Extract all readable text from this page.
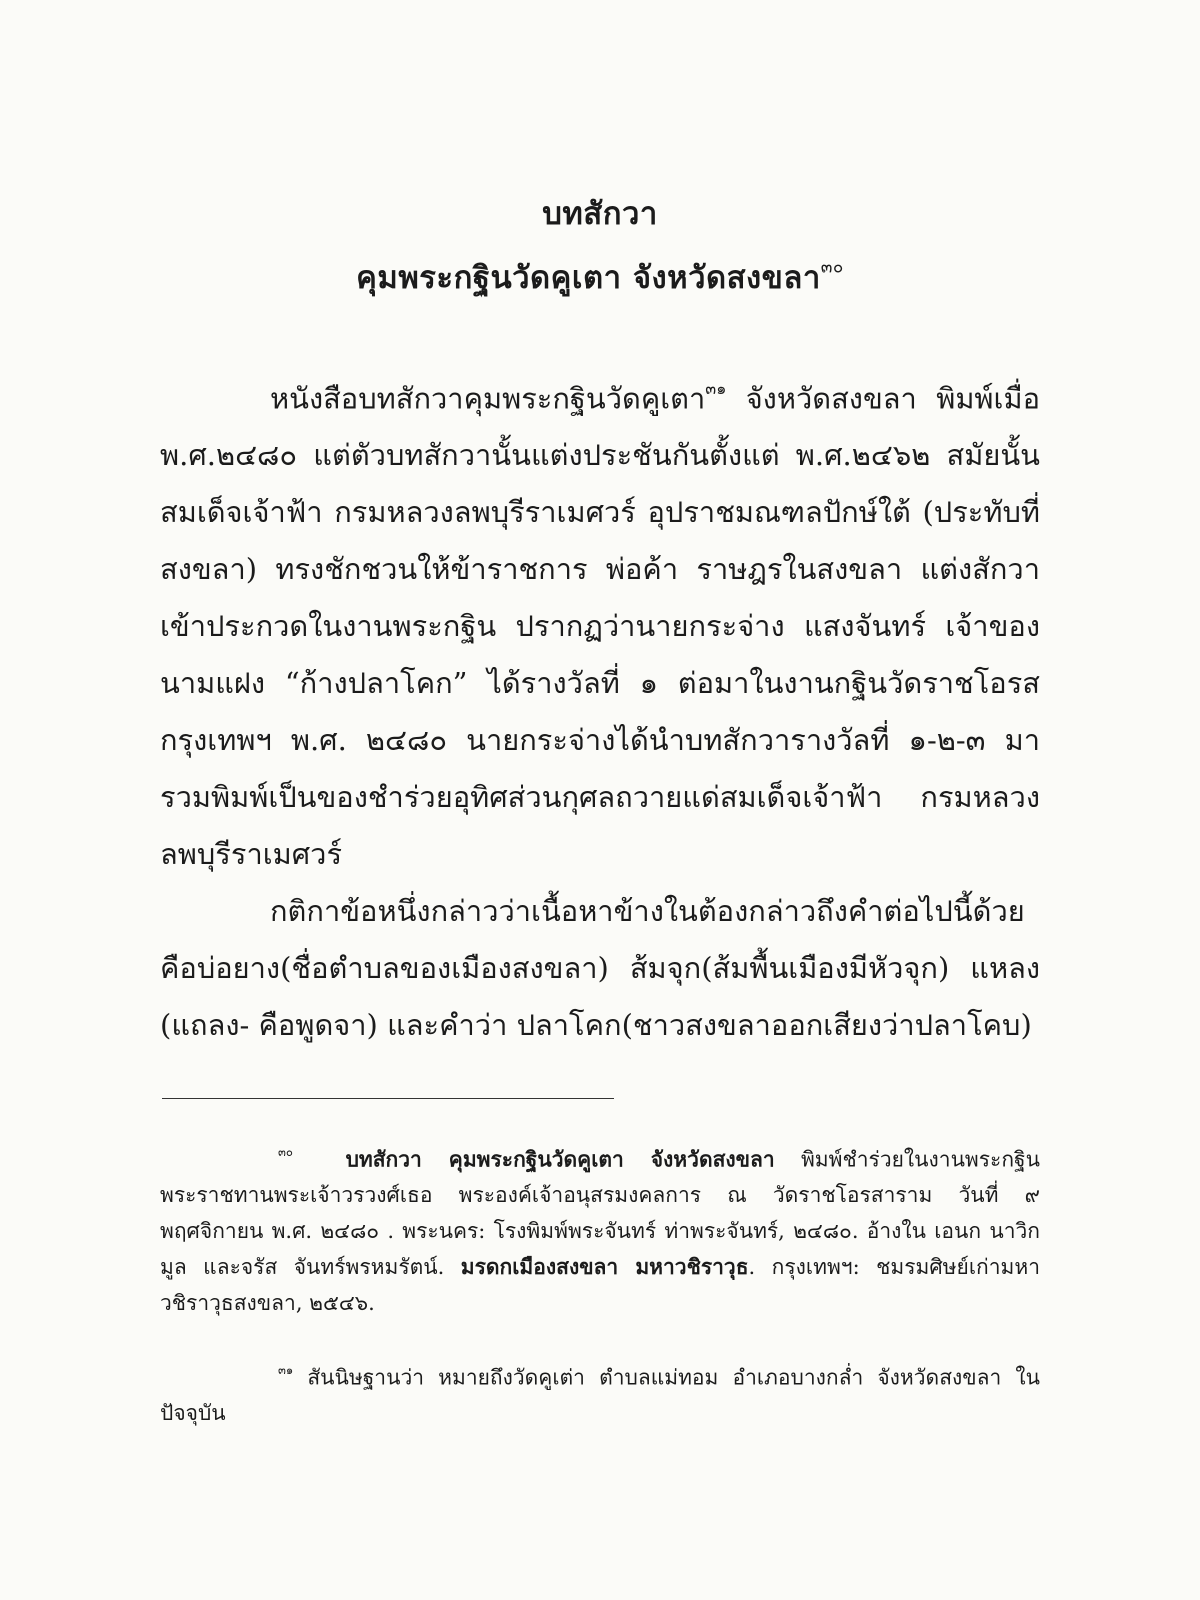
บทสักวา
คุมพระกฐินวัดคูเตา จังหวัดสงขลา$^{๓๐}$

หนังสือบทสักวาคุมพระกฐินวัดคูเตา$^{๓๑}$ จังหวัดสงขลา พิมพ์เมื่อ พ.ศ.๒๔๘๐ แต่ตัวบทสักวานั้นแต่งประชันกันตั้งแต่ พ.ศ.๒๔๖๒ สมัยนั้นสมเด็จเจ้าฟ้า กรมหลวงลพบุรีราเมศวร์ อุปราชมณฑลปักษ์ใต้ (ประทับที่สงขลา) ทรงชักชวนให้ข้าราชการ พ่อค้า ราษฎรในสงขลา แต่งสักวาเข้าประกวดในงานพระกฐิน ปรากฏว่านายกระจ่าง แสงจันทร์ เจ้าของนามแฝง “ก้างปลาโคก” ได้รางวัลที่ ๑ ต่อมาในงานกฐินวัดราชโอรส กรุงเทพฯ พ.ศ. ๒๔๘๐ นายกระจ่างได้นำบทสักวารางวัลที่ ๑-๒-๓ มารวมพิมพ์เป็นของชำร่วยอุทิศส่วนกุศลถวายแด่สมเด็จเจ้าฟ้า กรมหลวงลพบุรีราเมศวร์

กติกาข้อหนึ่งกล่าวว่าเนื้อหาข้างในต้องกล่าวถึงคำต่อไปนี้ด้วย คือบ่อยาง(ชื่อตำบลของเมืองสงขลา) ส้มจุก(ส้มพื้นเมืองมีหัวจุก) แหลง (แถลง- คือพูดจา) และคำว่า ปลาโคก(ชาวสงขลาออกเสียงว่าปลาโคบ)

$^{๓๐}$	บทสักวา คุมพระกฐินวัดคูเตา จังหวัดสงขลา พิมพ์ชำร่วยในงานพระกฐินพระราชทานพระเจ้าวรวงศ์เธอ พระองค์เจ้าอนุสรมงคลการ ณ วัดราชโอรสาราม วันที่ ๙ พฤศจิกายน พ.ศ. ๒๔๘๐ . พระนคร: โรงพิมพ์พระจันทร์ ท่าพระจันทร์, ๒๔๘๐. อ้างใน เอนก นาวิกมูล และจรัส จันทร์พรหมรัตน์. มรดกเมืองสงขลา มหาวชิราวุธ. กรุงเทพฯ: ชมรมศิษย์เก่ามหาวชิราวุธสงขลา, ๒๕๔๖.

$^{๓๑}$ สันนิษฐานว่า หมายถึงวัดคูเต่า ตำบลแม่ทอม อำเภอบางกล่ำ จังหวัดสงขลา ในปัจจุบัน
